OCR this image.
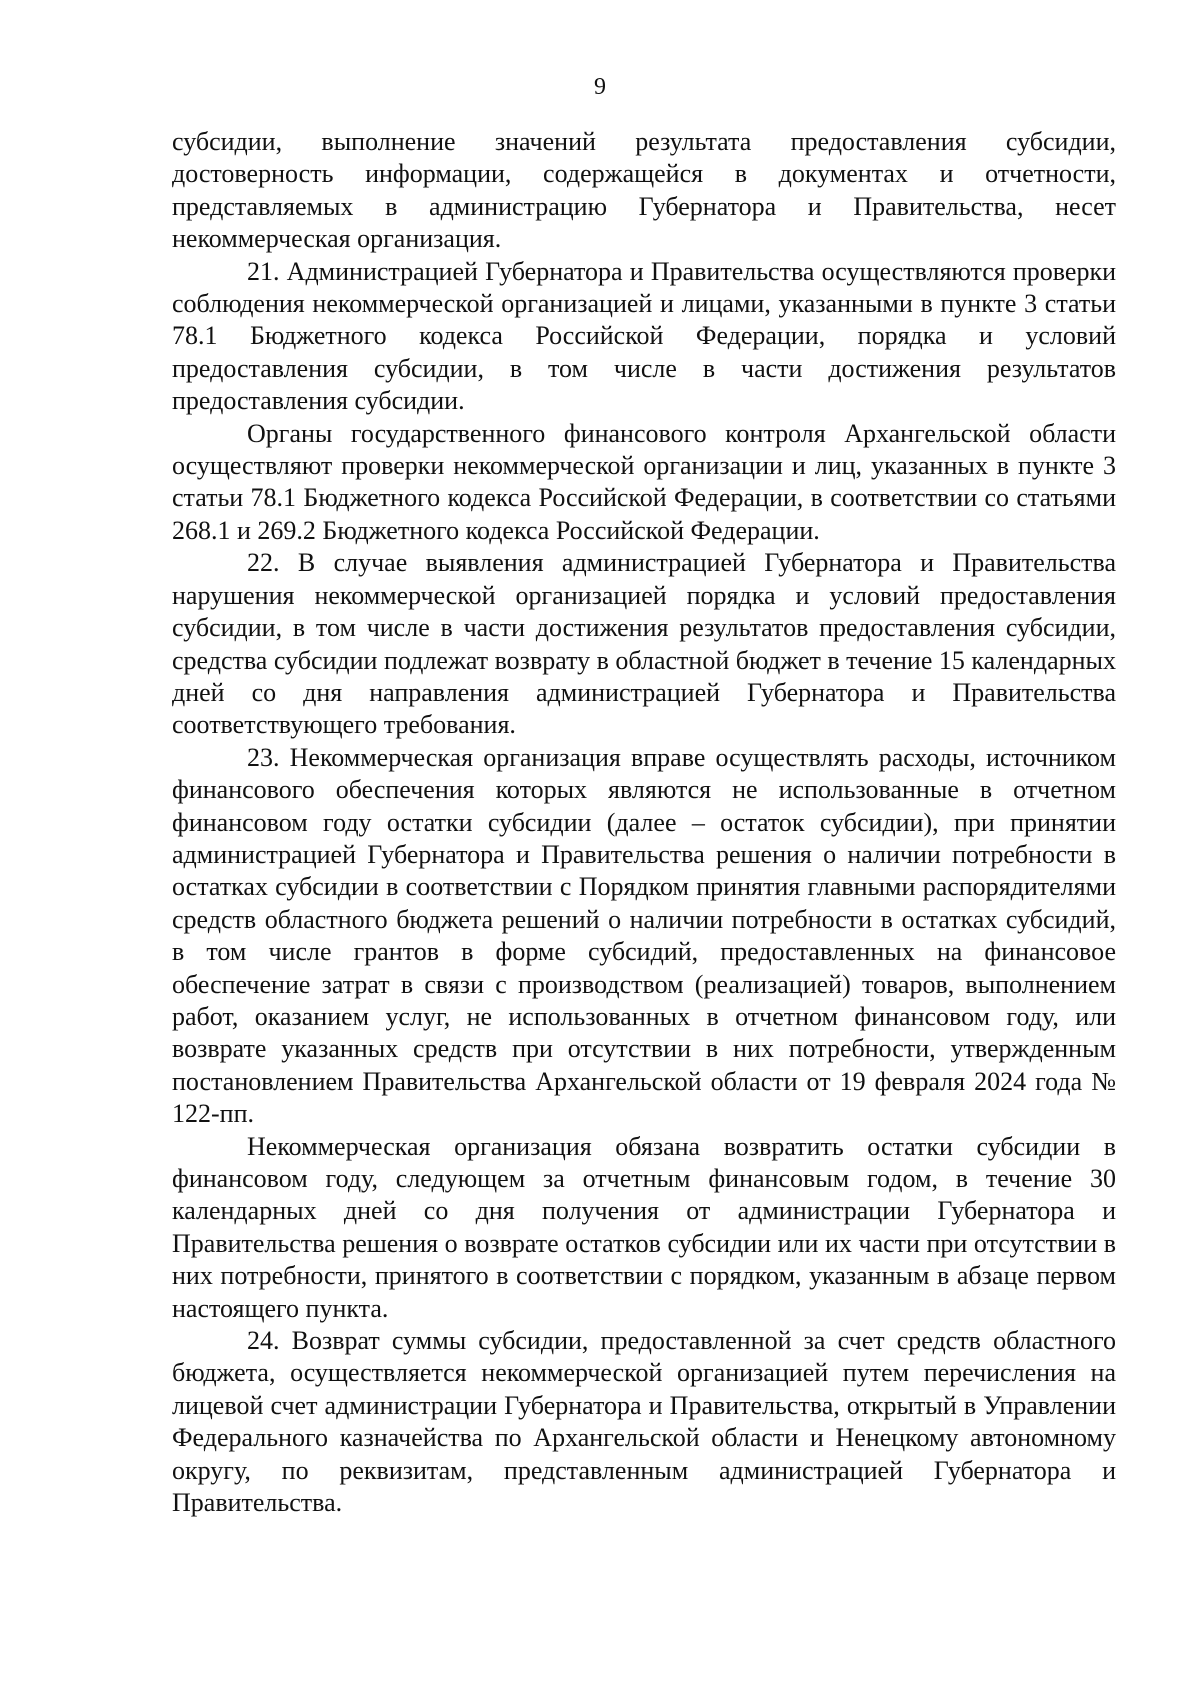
9

субсидии, выполнение значений результата предоставления субсидии, достоверность информации, содержащейся в документах и отчетности, представляемых в администрацию Губернатора и Правительства, несет некоммерческая организация.

21. Администрацией Губернатора и Правительства осуществляются проверки соблюдения некоммерческой организацией и лицами, указанными в пункте 3 статьи 78.1 Бюджетного кодекса Российской Федерации, порядка и условий предоставления субсидии, в том числе в части достижения результатов предоставления субсидии.

Органы государственного финансового контроля Архангельской области осуществляют проверки некоммерческой организации и лиц, указанных в пункте 3 статьи 78.1 Бюджетного кодекса Российской Федерации, в соответствии со статьями 268.1 и 269.2 Бюджетного кодекса Российской Федерации.

22. В случае выявления администрацией Губернатора и Правительства нарушения некоммерческой организацией порядка и условий предоставления субсидии, в том числе в части достижения результатов предоставления субсидии, средства субсидии подлежат возврату в областной бюджет в течение 15 календарных дней со дня направления администрацией Губернатора и Правительства соответствующего требования.

23. Некоммерческая организация вправе осуществлять расходы, источником финансового обеспечения которых являются не использованные в отчетном финансовом году остатки субсидии (далее – остаток субсидии), при принятии администрацией Губернатора и Правительства решения о наличии потребности в остатках субсидии в соответствии с Порядком принятия главными распорядителями средств областного бюджета решений о наличии потребности в остатках субсидий, в том числе грантов в форме субсидий, предоставленных на финансовое обеспечение затрат в связи с производством (реализацией) товаров, выполнением работ, оказанием услуг, не использованных в отчетном финансовом году, или возврате указанных средств при отсутствии в них потребности, утвержденным постановлением Правительства Архангельской области от 19 февраля 2024 года № 122-пп.

Некоммерческая организация обязана возвратить остатки субсидии в финансовом году, следующем за отчетным финансовым годом, в течение 30 календарных дней со дня получения от администрации Губернатора и Правительства решения о возврате остатков субсидии или их части при отсутствии в них потребности, принятого в соответствии с порядком, указанным в абзаце первом настоящего пункта.

24. Возврат суммы субсидии, предоставленной за счет средств областного бюджета, осуществляется некоммерческой организацией путем перечисления на лицевой счет администрации Губернатора и Правительства, открытый в Управлении Федерального казначейства по Архангельской области и Ненецкому автономному округу, по реквизитам, представленным администрацией Губернатора и Правительства.
